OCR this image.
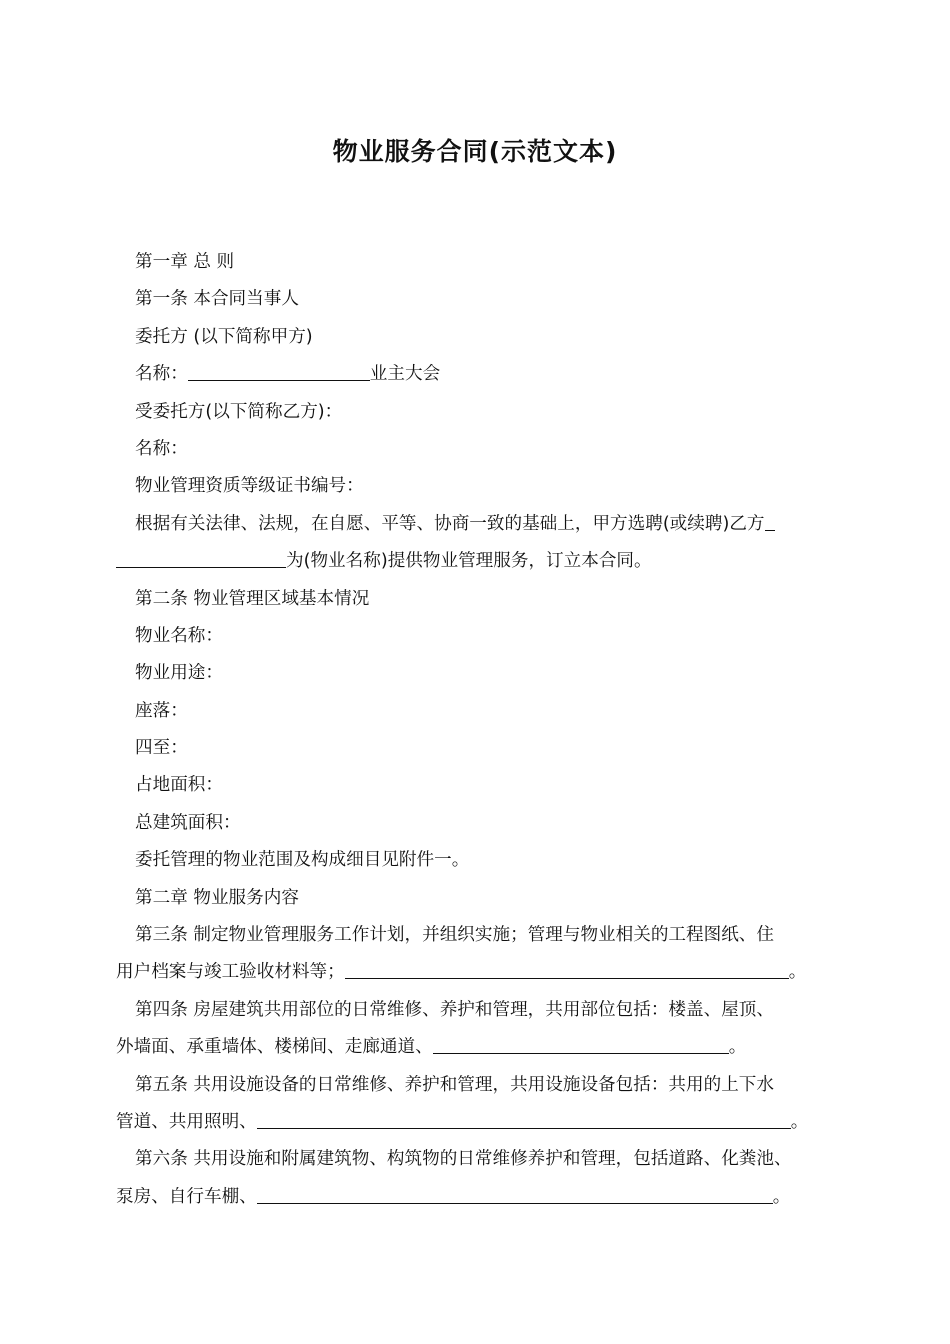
物业服务合同(示范文本)
第一章 总 则
第一条 本合同当事人
委托方 (以下简称甲方)
名称：	业主大会
受委托方(以下简称乙方)：
名称：
物业管理资质等级证书编号：
根据有关法律、法规，在自愿、平等、协商一致的基础上，甲方选聘(或续聘)乙方
为(物业名称)提供物业管理服务，订立本合同。
第二条 物业管理区域基本情况
物业名称：
物业用途：
座落：
四至：
占地面积：
总建筑面积：
委托管理的物业范围及构成细目见附件一。
第二章 物业服务内容
第三条 制定物业管理服务工作计划，并组织实施；管理与物业相关的工程图纸、住
用户档案与竣工验收材料等；	。
第四条 房屋建筑共用部位的日常维修、养护和管理，共用部位包括：楼盖、屋顶、
外墙面、承重墙体、楼梯间、走廊通道、	。
第五条 共用设施设备的日常维修、养护和管理，共用设施设备包括：共用的上下水
管道、共用照明、	。
第六条 共用设施和附属建筑物、构筑物的日常维修养护和管理，包括道路、化粪池、
泵房、自行车棚、	。
